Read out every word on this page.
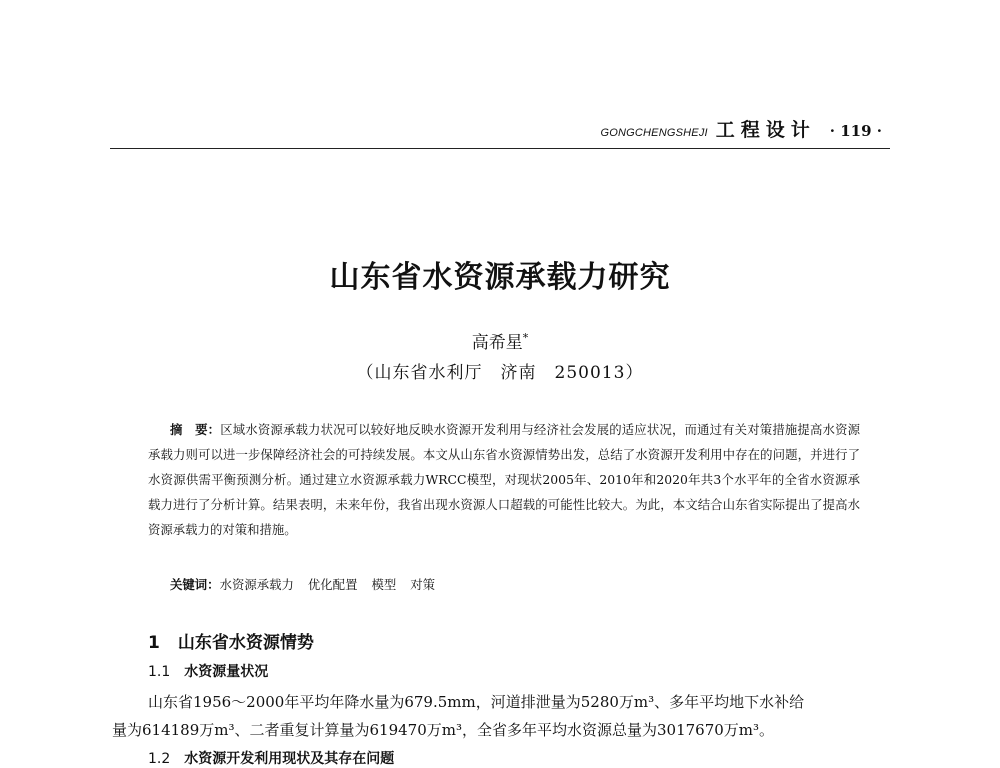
GONGCHENGSHEJI 工程设计 · 119 ·
山东省水资源承载力研究
高希星*
（山东省水利厅　济南　250013）
摘　要：区域水资源承载力状况可以较好地反映水资源开发利用与经济社会发展的适应状况，而通过有关对策措施提高水资源承载力则可以进一步保障经济社会的可持续发展。本文从山东省水资源情势出发，总结了水资源开发利用中存在的问题，并进行了水资源供需平衡预测分析。通过建立水资源承载力WRCC模型，对现状2005年、2010年和2020年共3个水平年的全省水资源承载力进行了分析计算。结果表明，未来年份，我省出现水资源人口超载的可能性比较大。为此，本文结合山东省实际提出了提高水资源承载力的对策和措施。
关键词：水资源承载力 优化配置 模型 对策
1 山东省水资源情势
1.1 水资源量状况
山东省1956～2000年平均年降水量为679.5mm，河道排泄量为5280万m³、多年平均地下水补给
量为614189万m³、二者重复计算量为619470万m³，全省多年平均水资源总量为3017670万m³。
1.2 水资源开发利用现状及其存在问题
